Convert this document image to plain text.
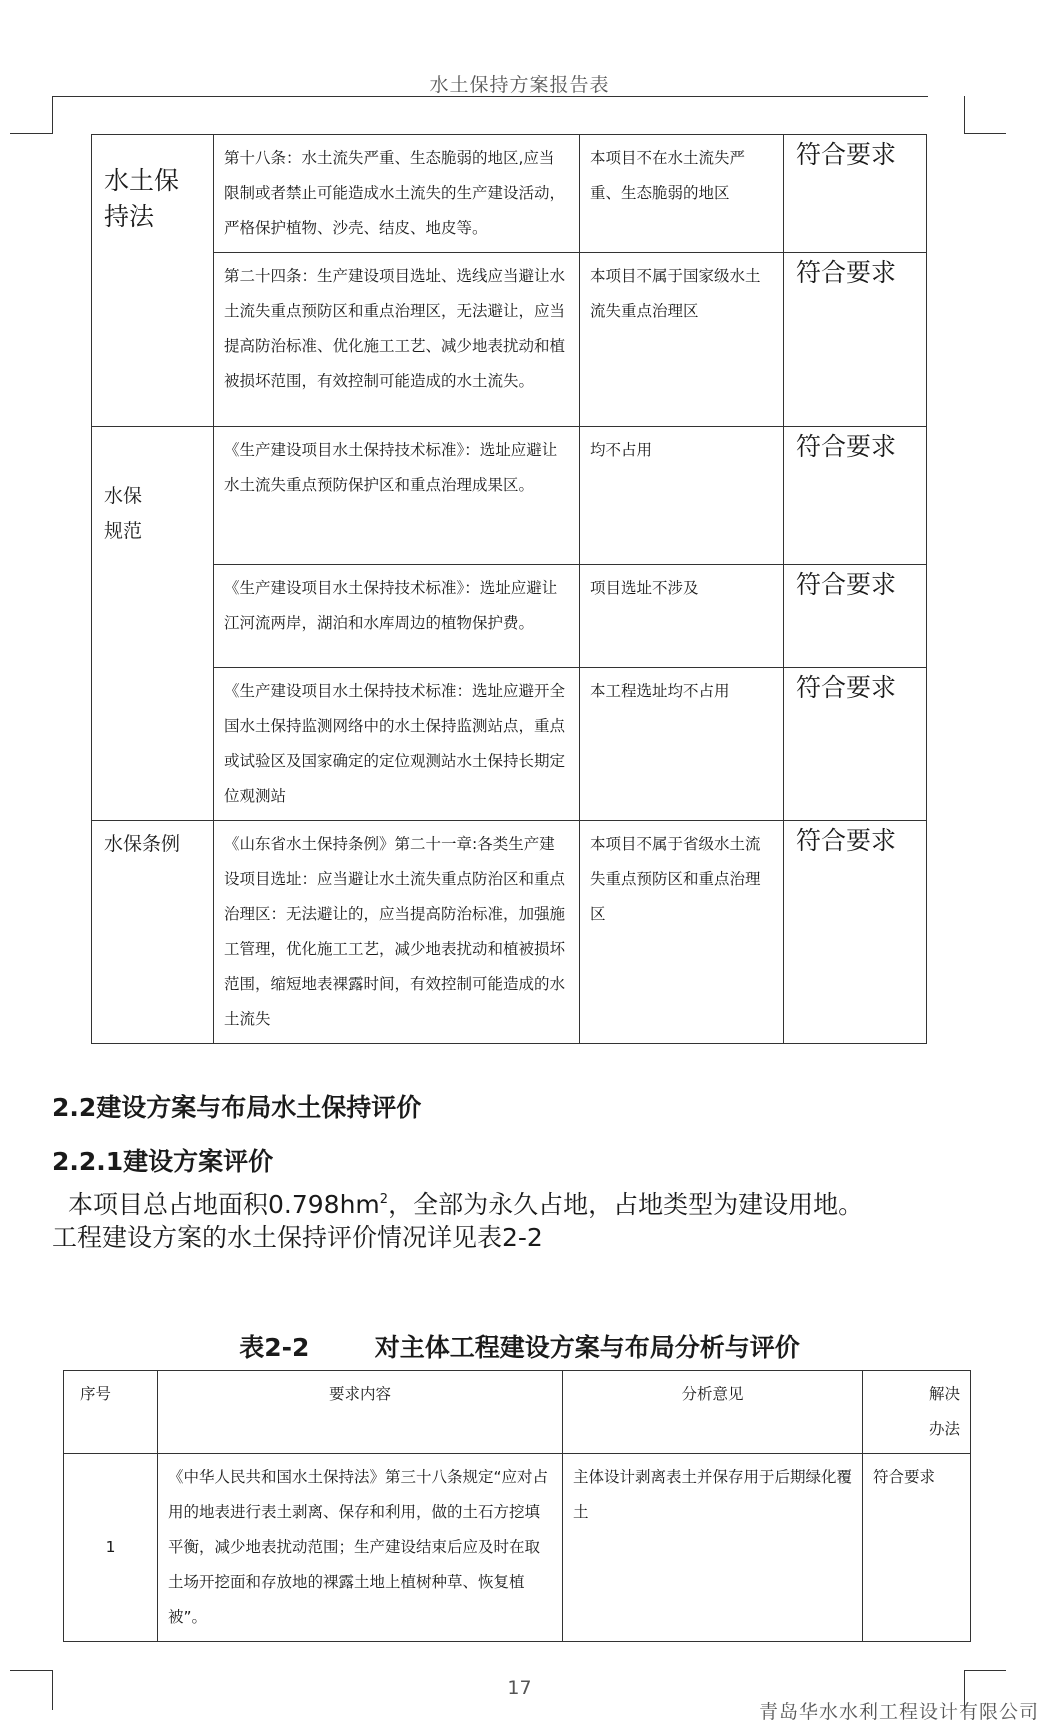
水土保持方案报告表
水土保
持法	第十八条：水土流失严重、生态脆弱的地区,应当限制或者禁止可能造成水土流失的生产建设活动，严格保护植物、沙壳、结皮、地皮等。	本项目不在水土流失严重、生态脆弱的地区	符合要求
	第二十四条：生产建设项目选址、选线应当避让水土流失重点预防区和重点治理区，无法避让，应当提高防治标准、优化施工工艺、减少地表扰动和植被损坏范围，有效控制可能造成的水土流失。	本项目不属于国家级水土流失重点治理区	符合要求

水保
规范	《生产建设项目水土保持技术标准》：选址应避让水土流失重点预防保护区和重点治理成果区。	均不占用	符合要求
	《生产建设项目水土保持技术标准》：选址应避让江河流两岸，湖泊和水库周边的植物保护费。	项目选址不涉及	符合要求
	《生产建设项目水土保持技术标准：选址应避开全国水土保持监测网络中的水土保持监测站点，重点或试验区及国家确定的定位观测站水土保持长期定位观测站	本工程选址均不占用	符合要求
水保条例	《山东省水土保持条例》第二十一章:各类生产建设项目选址：应当避让水土流失重点防治区和重点治理区：无法避让的，应当提高防治标准，加强施工管理，优化施工工艺，减少地表扰动和植被损坏范围，缩短地表裸露时间，有效控制可能造成的水土流失	本项目不属于省级水土流失重点预防区和重点治理区	符合要求
2.2建设方案与布局水土保持评价
2.2.1建设方案评价
本项目总占地面积$0.798hm^2$，全部为永久占地，占地类型为建设用地。
工程建设方案的水土保持评价情况详见表2-2
表2-2	对主体工程建设方案与布局分析与评价
序号	要求内容	分析意见	解决
办法
1	《中华人民共和国水土保持法》第三十八条规定“应对占用的地表进行表土剥离、保存和利用，做的土石方挖填平衡，减少地表扰动范围；生产建设结束后应及时在取土场开挖面和存放地的裸露土地上植树种草、恢复植被”。	主体设计剥离表土并保存用于后期绿化覆土	符合要求
17
青岛华水水利工程设计有限公司
